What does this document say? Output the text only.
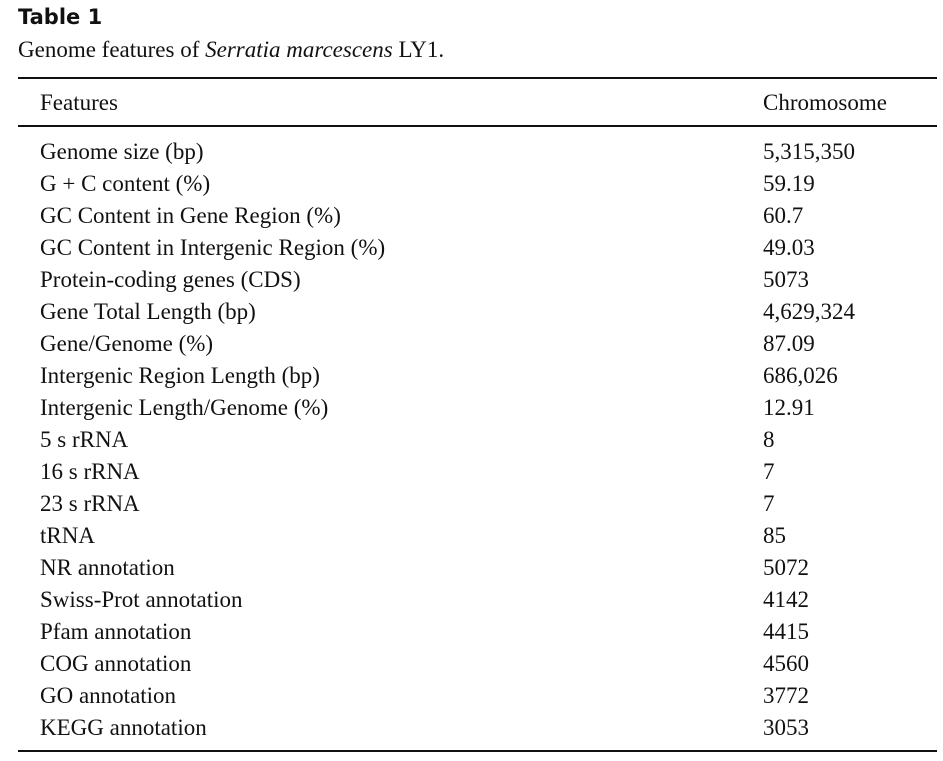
Table 1
Genome features of Serratia marcescens LY1.
Features	Chromosome
Genome size (bp)	5,315,350
G + C content (%)	59.19
GC Content in Gene Region (%)	60.7
GC Content in Intergenic Region (%)	49.03
Protein-coding genes (CDS)	5073
Gene Total Length (bp)	4,629,324
Gene/Genome (%)	87.09
Intergenic Region Length (bp)	686,026
Intergenic Length/Genome (%)	12.91
5 s rRNA	8
16 s rRNA	7
23 s rRNA	7
tRNA	85
NR annotation	5072
Swiss-Prot annotation	4142
Pfam annotation	4415
COG annotation	4560
GO annotation	3772
KEGG annotation	3053
